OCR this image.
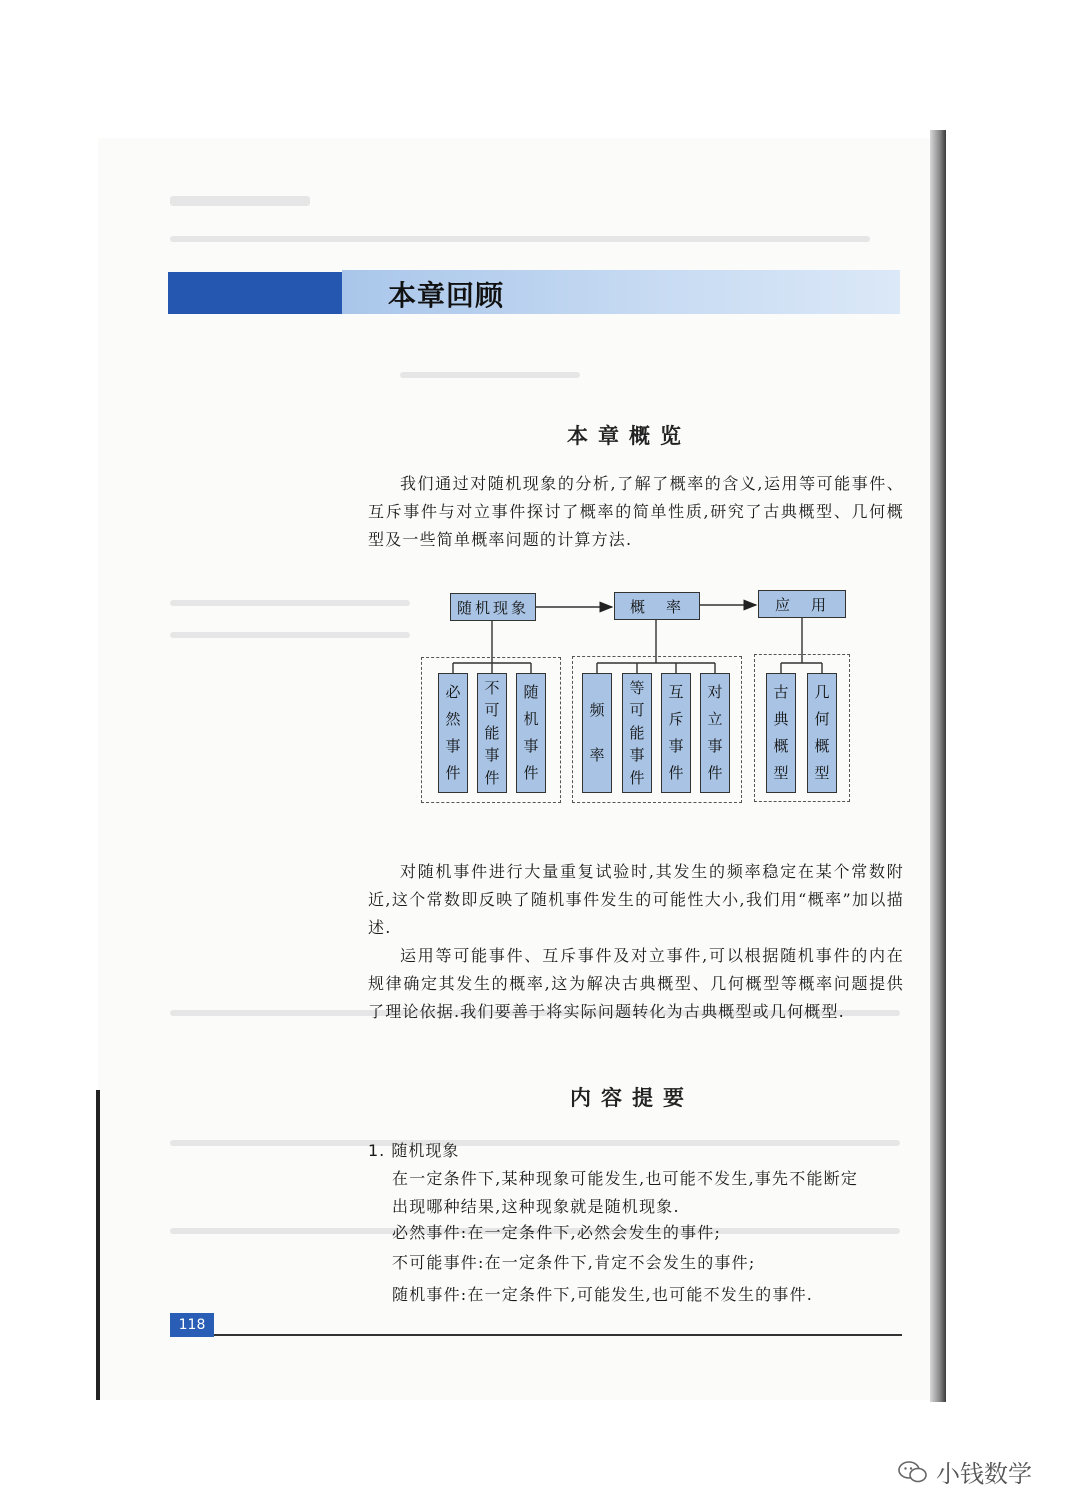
本章回顾
本章概览

我们通过对随机现象的分析,了解了概率的含义,运用等可能事件、互斥事件与对立事件探讨了概率的简单性质,研究了古典概型、几何概型及一些简单概率问题的计算方法.

随机现象	概　率	应　用
必
然
事
件
不
可
能
事
件
随
机
事
件
频
率
等
可
能
事
件
互
斥
事
件
对
立
事
件
古
典
概
型
几
何
概
型
对随机事件进行大量重复试验时,其发生的频率稳定在某个常数附近,这个常数即反映了随机事件发生的可能性大小,我们用“概率”加以描述.
运用等可能事件、互斥事件及对立事件,可以根据随机事件的内在规律确定其发生的概率,这为解决古典概型、几何概型等概率问题提供了理论依据.我们要善于将实际问题转化为古典概型或几何概型.
内容提要
1. 随机现象
在一定条件下,某种现象可能发生,也可能不发生,事先不能断定
出现哪种结果,这种现象就是随机现象.
必然事件:在一定条件下,必然会发生的事件;
不可能事件:在一定条件下,肯定不会发生的事件;
随机事件:在一定条件下,可能发生,也可能不发生的事件.
118
小钱数学
